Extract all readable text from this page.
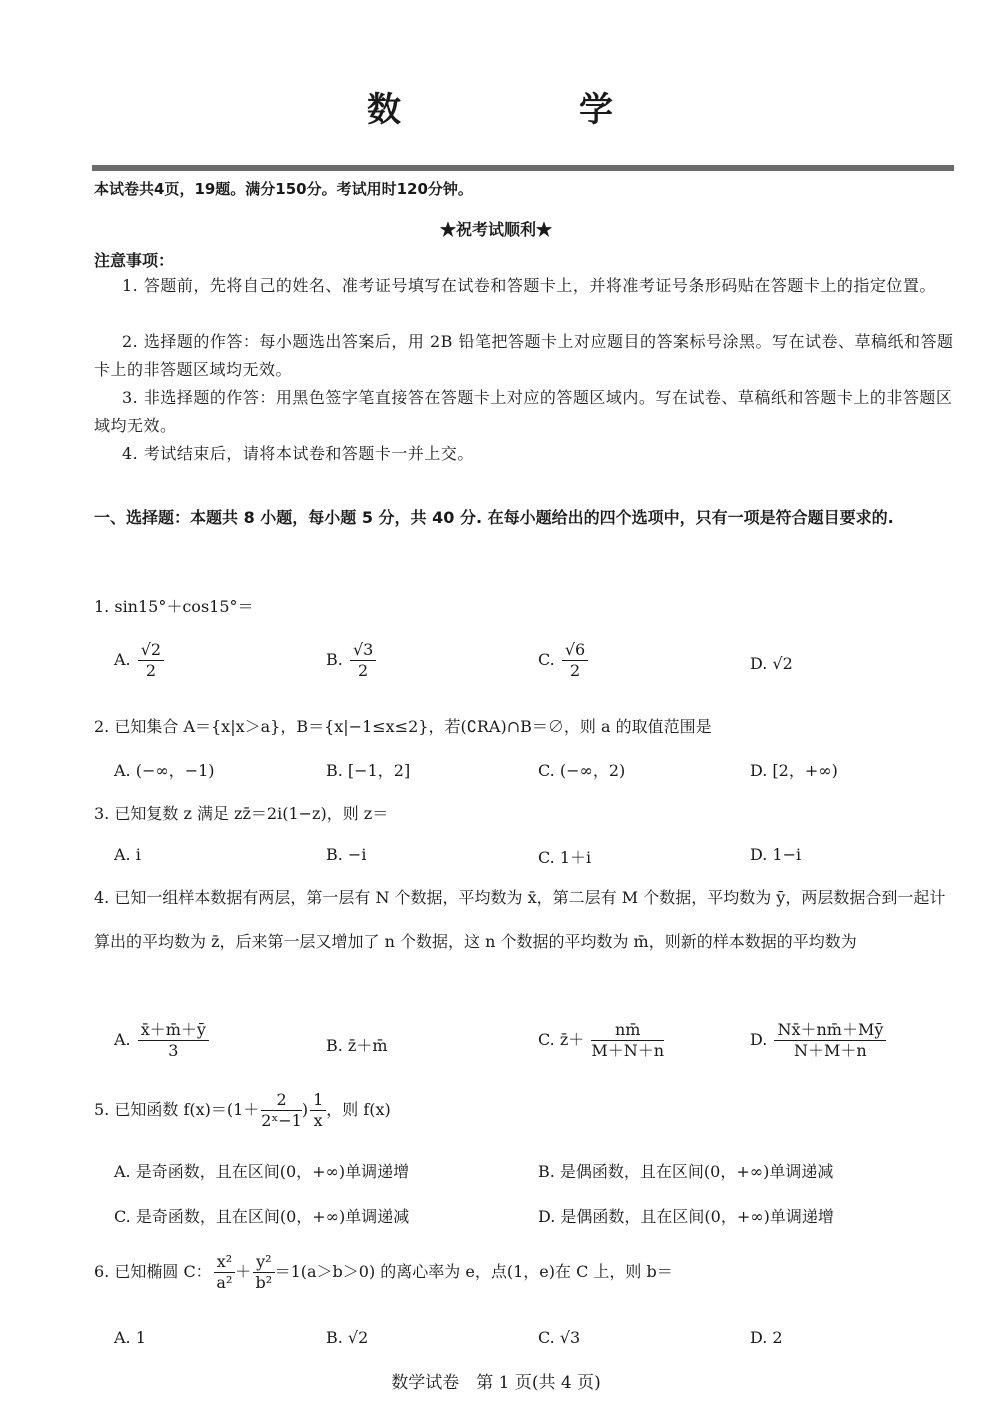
数　学
本试卷共4页，19题。满分150分。考试用时120分钟。
★祝考试顺利★
注意事项：
1. 答题前，先将自己的姓名、准考证号填写在试卷和答题卡上，并将准考证号条形码贴在答题卡上的指定位置。
2. 选择题的作答：每小题选出答案后，用 2B 铅笔把答题卡上对应题目的答案标号涂黑。写在试卷、草稿纸和答题卡上的非答题区域均无效。
3. 非选择题的作答：用黑色签字笔直接答在答题卡上对应的答题区域内。写在试卷、草稿纸和答题卡上的非答题区域均无效。
4. 考试结束后，请将本试卷和答题卡一并上交。
一、选择题：本题共 8 小题，每小题 5 分，共 40 分. 在每小题给出的四个选项中，只有一项是符合题目要求的.
1. sin15°＋cos15°＝
A. $\frac{√2}{2}$	B. $\frac{√3}{2}$	C. $\frac{√6}{2}$	D. √2
2. 已知集合 A＝{x|x＞a}，B＝{x|−1≤x≤2}，若(∁RA)∩B＝∅，则 a 的取值范围是
A. (−∞，−1)	B. [−1，2]	C. (−∞，2)	D. [2，+∞)
3. 已知复数 z 满足 zz̄＝2i(1−z)，则 z＝
A. i	B. −i	C. 1＋i	D. 1−i
4. 已知一组样本数据有两层，第一层有 N 个数据，平均数为 x̄，第二层有 M 个数据，平均数为 ȳ，两层数据合到一起计算出的平均数为 z̄，后来第一层又增加了 n 个数据，这 n 个数据的平均数为 m̄，则新的样本数据的平均数为
A. $\frac{x̄+m̄+ȳ}{3}$	B. z̄＋m̄	C. z̄＋ $\frac{nm̄}{M+N+n}$	D. $\frac{Nx̄+nm̄+Mȳ}{N+M+n}$
5. 已知函数 $f(x)=(1+ \frac{2}{\text{2ˣ−1}}$ ) $\frac{1}{x}$ ，则 f(x)
A. 是奇函数，且在区间(0，+∞)单调递增	B. 是偶函数，且在区间(0，+∞)单调递减
C. 是奇函数，且在区间(0，+∞)单调递减	D. 是偶函数，且在区间(0，+∞)单调递增
6. 已知椭圆 C： $\frac{\text{x²}}{\text{a²}} + \frac{\text{y²}}{\text{b²}} =1(a>b>0)$ 的离心率为 e，点(1，e)在 C 上，则 b＝
A. 1	B. √2	C. √3	D. 2
数学试卷　第 1 页(共 4 页)
